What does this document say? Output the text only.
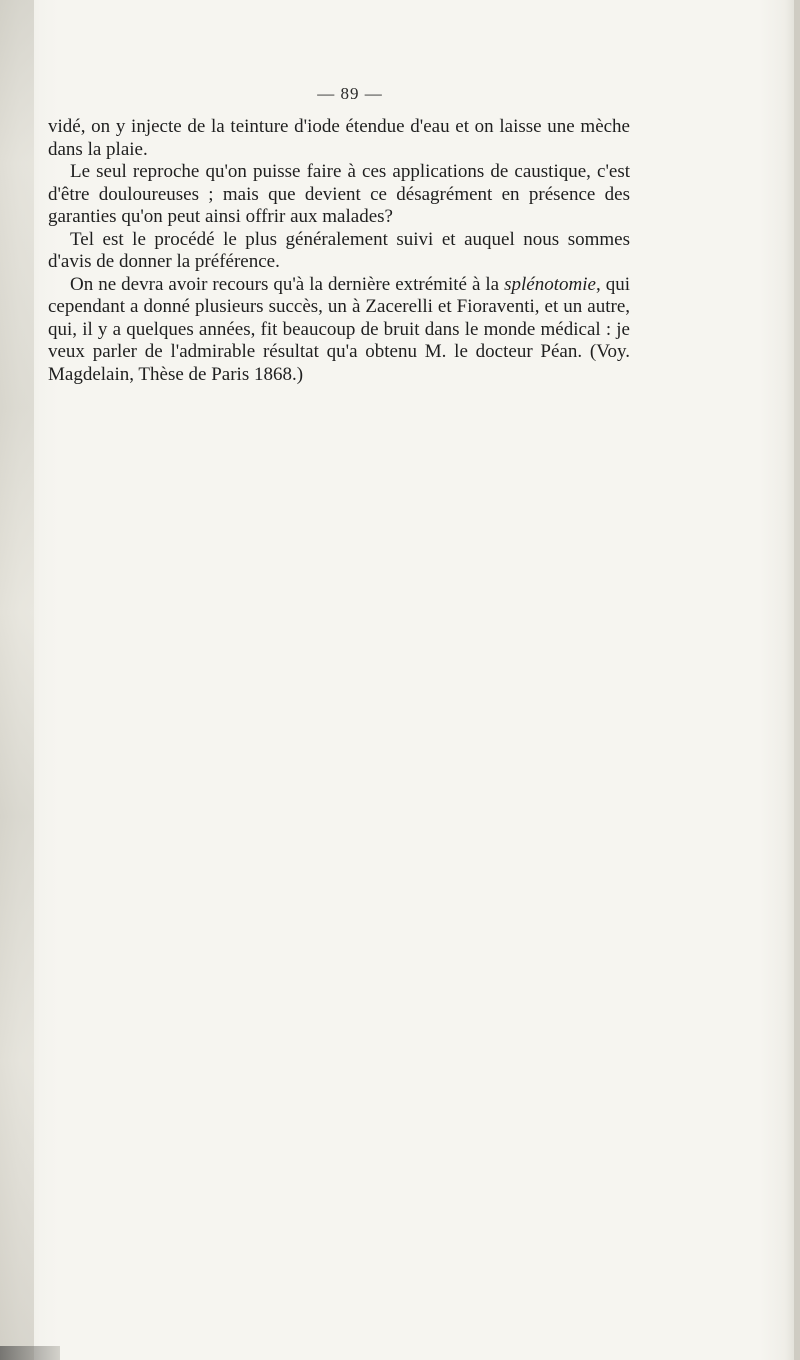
— 89 —

vidé, on y injecte de la teinture d'iode étendue d'eau et on laisse une mèche dans la plaie.

Le seul reproche qu'on puisse faire à ces applications de caustique, c'est d'être douloureuses ; mais que devient ce désagrément en présence des garanties qu'on peut ainsi offrir aux malades?

Tel est le procédé le plus généralement suivi et auquel nous sommes d'avis de donner la préférence.

On ne devra avoir recours qu'à la dernière extrémité à la splénotomie, qui cependant a donné plusieurs succès, un à Zacerelli et Fioraventi, et un autre, qui, il y a quelques années, fit beaucoup de bruit dans le monde médical : je veux parler de l'admirable résultat qu'a obtenu M. le docteur Péan. (Voy. Magdelain, Thèse de Paris 1868.)
